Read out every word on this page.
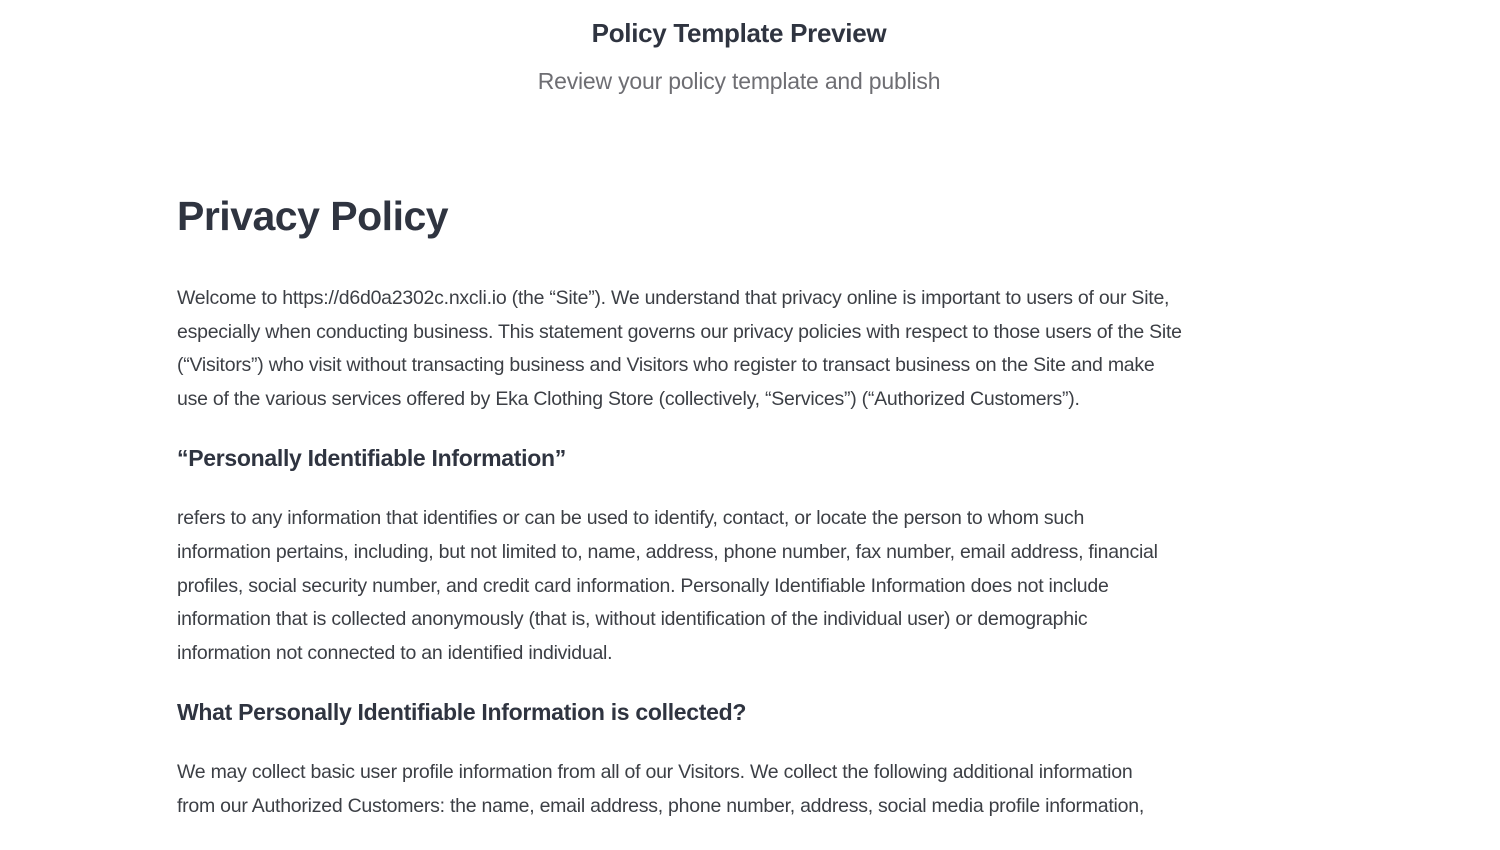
Policy Template Preview
Review your policy template and publish
Privacy Policy
Welcome to https://d6d0a2302c.nxcli.io (the “Site”). We understand that privacy online is important to users of our Site,
especially when conducting business. This statement governs our privacy policies with respect to those users of the Site
(“Visitors”) who visit without transacting business and Visitors who register to transact business on the Site and make
use of the various services offered by Eka Clothing Store (collectively, “Services”) (“Authorized Customers”).
“Personally Identifiable Information”
refers to any information that identifies or can be used to identify, contact, or locate the person to whom such
information pertains, including, but not limited to, name, address, phone number, fax number, email address, financial
profiles, social security number, and credit card information. Personally Identifiable Information does not include
information that is collected anonymously (that is, without identification of the individual user) or demographic
information not connected to an identified individual.
What Personally Identifiable Information is collected?
We may collect basic user profile information from all of our Visitors. We collect the following additional information
from our Authorized Customers: the name, email address, phone number, address, social media profile information,
